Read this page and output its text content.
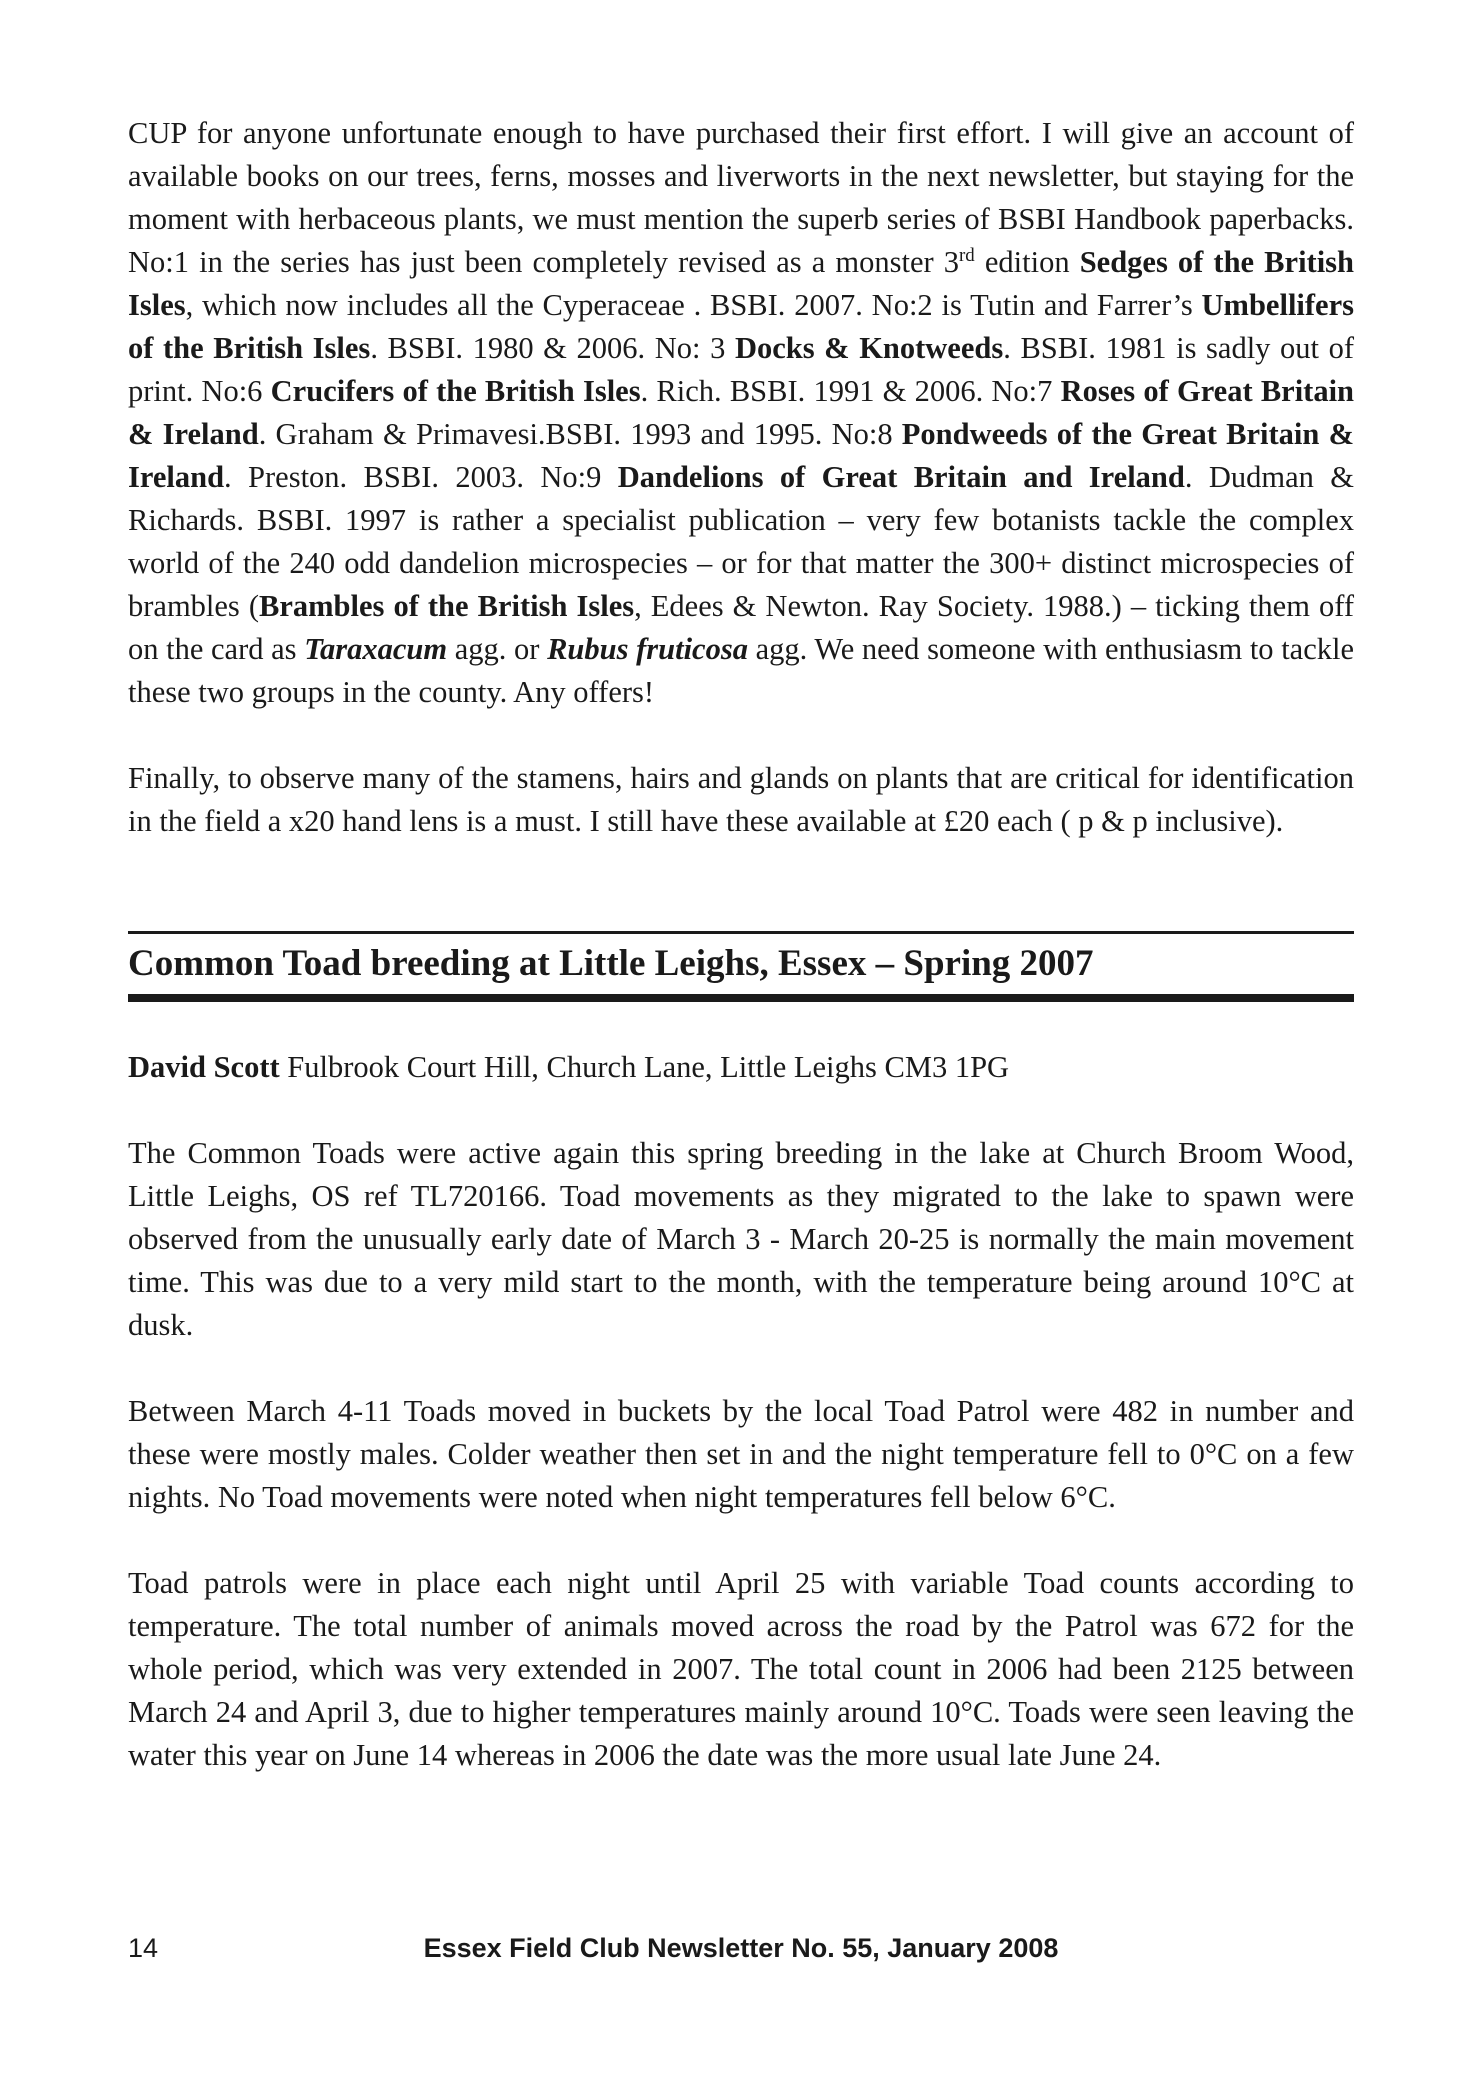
CUP for anyone unfortunate enough to have purchased their first effort. I will give an account of available books on our trees, ferns, mosses and liverworts in the next newsletter, but staying for the moment with herbaceous plants, we must mention the superb series of BSBI Handbook paperbacks. No:1 in the series has just been completely revised as a monster 3rd edition Sedges of the British Isles, which now includes all the Cyperaceae . BSBI. 2007. No:2 is Tutin and Farrer’s Umbellifers of the British Isles. BSBI. 1980 & 2006. No: 3 Docks & Knotweeds. BSBI. 1981 is sadly out of print. No:6 Crucifers of the British Isles. Rich. BSBI. 1991 & 2006. No:7 Roses of Great Britain & Ireland. Graham & Primavesi.BSBI. 1993 and 1995. No:8 Pondweeds of the Great Britain & Ireland. Preston. BSBI. 2003. No:9 Dandelions of Great Britain and Ireland. Dudman & Richards. BSBI. 1997 is rather a specialist publication – very few botanists tackle the complex world of the 240 odd dandelion microspecies – or for that matter the 300+ distinct microspecies of brambles (Brambles of the British Isles, Edees & Newton. Ray Society. 1988.) – ticking them off on the card as Taraxacum agg. or Rubus fruticosa agg. We need someone with enthusiasm to tackle these two groups in the county. Any offers!

Finally, to observe many of the stamens, hairs and glands on plants that are critical for identification in the field a x20 hand lens is a must. I still have these available at £20 each ( p & p inclusive).

Common Toad breeding at Little Leighs, Essex – Spring 2007

David Scott Fulbrook Court Hill, Church Lane, Little Leighs CM3 1PG

The Common Toads were active again this spring breeding in the lake at Church Broom Wood, Little Leighs, OS ref TL720166. Toad movements as they migrated to the lake to spawn were observed from the unusually early date of March 3 - March 20-25 is normally the main movement time. This was due to a very mild start to the month, with the temperature being around 10°C at dusk.

Between March 4-11 Toads moved in buckets by the local Toad Patrol were 482 in number and these were mostly males. Colder weather then set in and the night temperature fell to 0°C on a few nights. No Toad movements were noted when night temperatures fell below 6°C.

Toad patrols were in place each night until April 25 with variable Toad counts according to temperature. The total number of animals moved across the road by the Patrol was 672 for the whole period, which was very extended in 2007. The total count in 2006 had been 2125 between March 24 and April 3, due to higher temperatures mainly around 10°C. Toads were seen leaving the water this year on June 14 whereas in 2006 the date was the more usual late June 24.

14	Essex Field Club Newsletter No. 55, January 2008
